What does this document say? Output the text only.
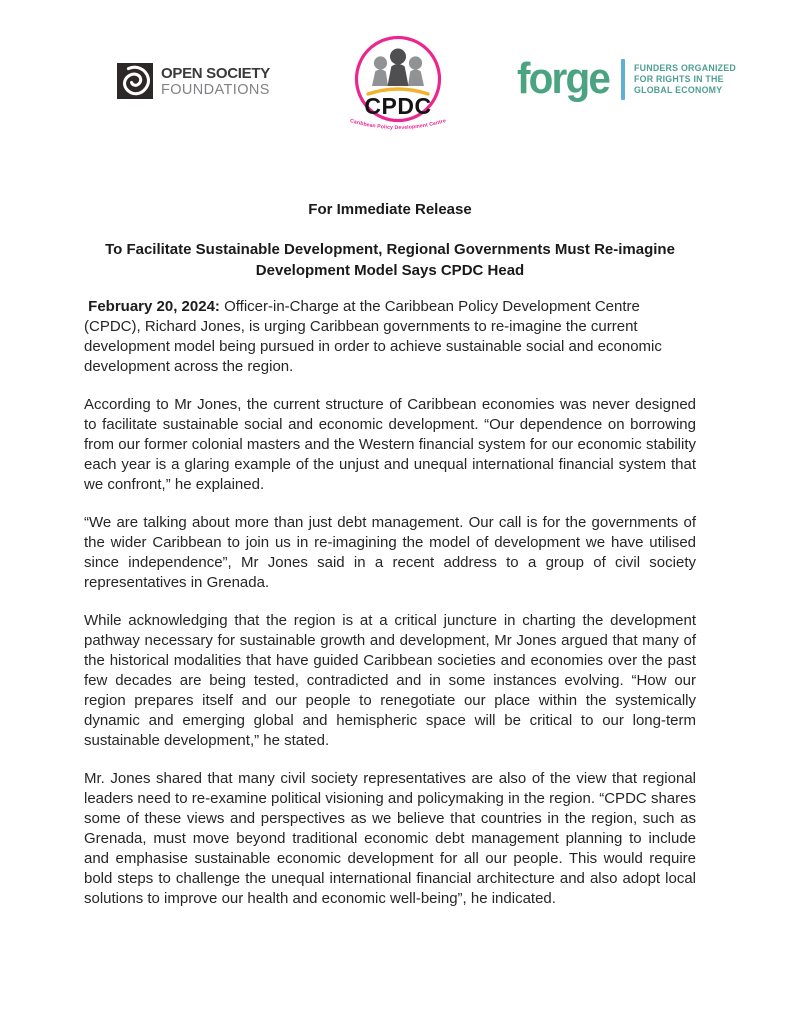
OPEN SOCIETY
FOUNDATIONS
CPDC
Caribbean Policy Development Centre
forge	FUNDERS ORGANIZED
FOR RIGHTS IN THE
GLOBAL ECONOMY
For Immediate Release
To Facilitate Sustainable Development, Regional Governments Must Re-imagine Development Model Says CPDC Head

February 20, 2024: Officer-in-Charge at the Caribbean Policy Development Centre (CPDC), Richard Jones, is urging Caribbean governments to re-imagine the current development model being pursued in order to achieve sustainable social and economic development across the region.

According to Mr Jones, the current structure of Caribbean economies was never designed to facilitate sustainable social and economic development. “Our dependence on borrowing from our former colonial masters and the Western financial system for our economic stability each year is a glaring example of the unjust and unequal international financial system that we confront,” he explained.

“We are talking about more than just debt management. Our call is for the governments of the wider Caribbean to join us in re-imagining the model of development we have utilised since independence”, Mr Jones said in a recent address to a group of civil society representatives in Grenada.

While acknowledging that the region is at a critical juncture in charting the development pathway necessary for sustainable growth and development, Mr Jones argued that many of the historical modalities that have guided Caribbean societies and economies over the past few decades are being tested, contradicted and in some instances evolving. “How our region prepares itself and our people to renegotiate our place within the systemically dynamic and emerging global and hemispheric space will be critical to our long-term sustainable development,” he stated.

Mr. Jones shared that many civil society representatives are also of the view that regional leaders need to re-examine political visioning and policymaking in the region. “CPDC shares some of these views and perspectives as we believe that countries in the region, such as Grenada, must move beyond traditional economic debt management planning to include and emphasise sustainable economic development for all our people. This would require bold steps to challenge the unequal international financial architecture and also adopt local solutions to improve our health and economic well-being”, he indicated.
